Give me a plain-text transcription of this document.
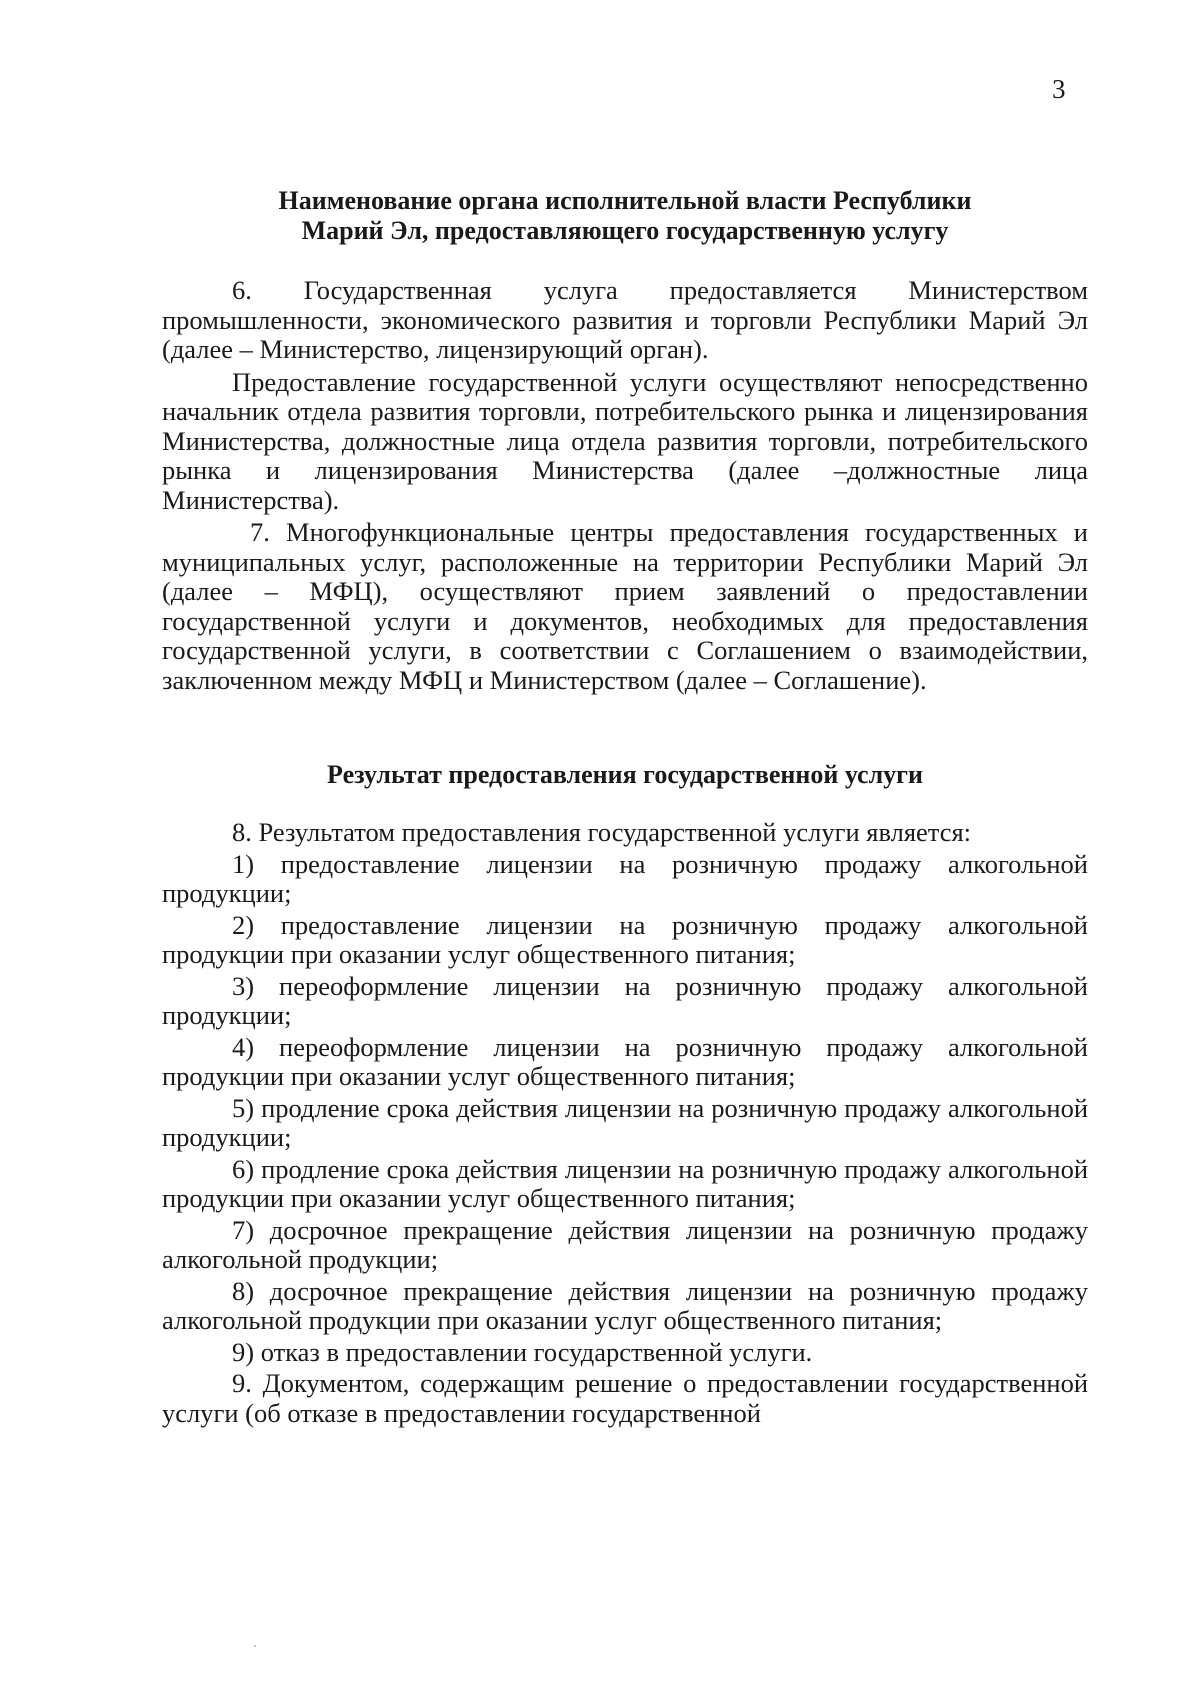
3
Наименование органа исполнительной власти Республики
Марий Эл, предоставляющего государственную услугу

6. Государственная услуга предоставляется Министерством промышленности, экономического развития и торговли Республики Марий Эл (далее – Министерство, лицензирующий орган).

Предоставление государственной услуги осуществляют непосредственно начальник отдела развития торговли, потребительского рынка и лицензирования Министерства, должностные лица отдела развития торговли, потребительского рынка и лицензирования Министерства (далее –должностные лица Министерства).

7. Многофункциональные центры предоставления государственных и муниципальных услуг, расположенные на территории Республики Марий Эл (далее – МФЦ), осуществляют прием заявлений о предоставлении государственной услуги и документов, необходимых для предоставления государственной услуги, в соответствии с Соглашением о взаимодействии, заключенном между МФЦ и Министерством (далее – Соглашение).

Результат предоставления государственной услуги

8. Результатом предоставления государственной услуги является:

1) предоставление лицензии на розничную продажу алкогольной продукции;

2) предоставление лицензии на розничную продажу алкогольной продукции при оказании услуг общественного питания;

3) переоформление лицензии на розничную продажу алкогольной продукции;

4) переоформление лицензии на розничную продажу алкогольной продукции при оказании услуг общественного питания;

5) продление срока действия лицензии на розничную продажу алкогольной продукции;

6) продление срока действия лицензии на розничную продажу алкогольной продукции при оказании услуг общественного питания;

7) досрочное прекращение действия лицензии на розничную продажу алкогольной продукции;

8) досрочное прекращение действия лицензии на розничную продажу алкогольной продукции при оказании услуг общественного питания;

9) отказ в предоставлении государственной услуги.

9. Документом, содержащим решение о предоставлении государственной услуги (об отказе в предоставлении государственной
